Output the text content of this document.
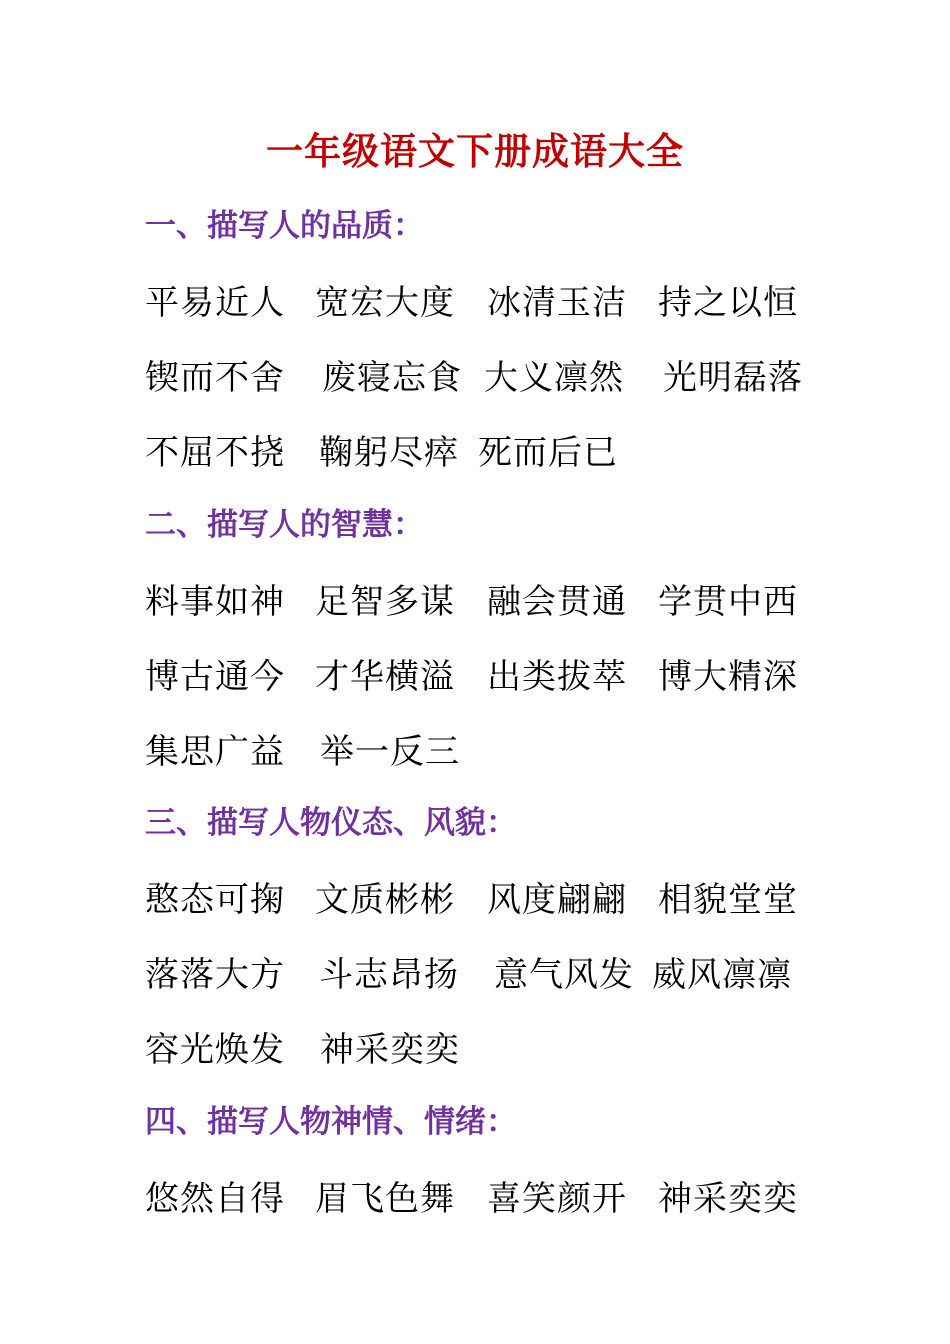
一年级语文下册成语大全
一、描写人的品质：
平易近人 宽宏大度 冰清玉洁 持之以恒
锲而不舍 废寝忘食 大义凛然 光明磊落
不屈不挠 鞠躬尽瘁 死而后已
二、描写人的智慧：
料事如神 足智多谋 融会贯通 学贯中西
博古通今 才华横溢 出类拔萃 博大精深
集思广益 举一反三
三、描写人物仪态、风貌：
憨态可掬 文质彬彬 风度翩翩 相貌堂堂
落落大方 斗志昂扬 意气风发 威风凛凛
容光焕发 神采奕奕
四、描写人物神情、情绪：
悠然自得 眉飞色舞 喜笑颜开 神采奕奕
